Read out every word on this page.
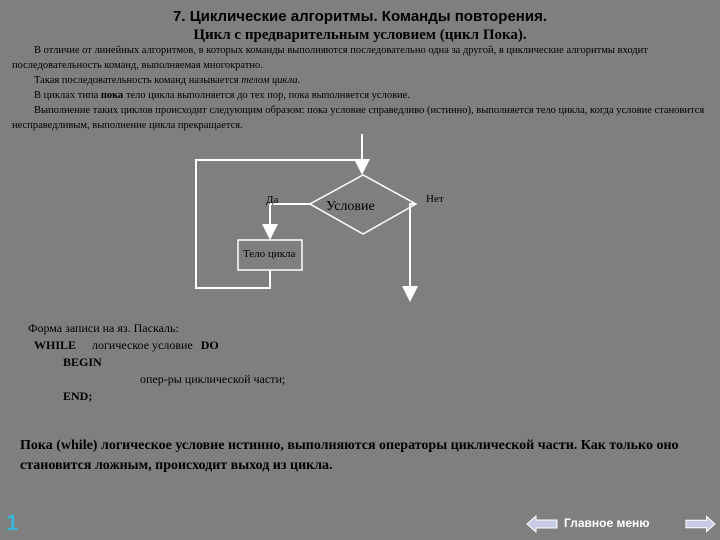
7. Циклические алгоритмы. Команды повторения.
Цикл с предварительным условием (цикл Пока).

В отличие от линейных алгоритмов, в которых команды выполняются последовательно одна за другой, в циклические алгоритмы входит последовательность команд, выполняемая многократно.

Такая последовательность команд называется телом цикла.

В циклах типа пока тело цикла выполняется до тех пор, пока выполняется условие.

Выполнение таких циклов происходит следующим образом: пока условие справедливо (истинно), выполняется тело цикла, когда условие становится несправедливым, выполнение цикла прекращается.

Да	Условие	Нет
Тело цикла
Форма записи на яз. Паскаль:
WHILE логическое условие DO
BEGIN
опер-ры циклической части;
END;
Пока (while) логическое условие истинно, выполняются операторы циклической части. Как только оно становится ложным, происходит выход из цикла.
1	Главное меню
